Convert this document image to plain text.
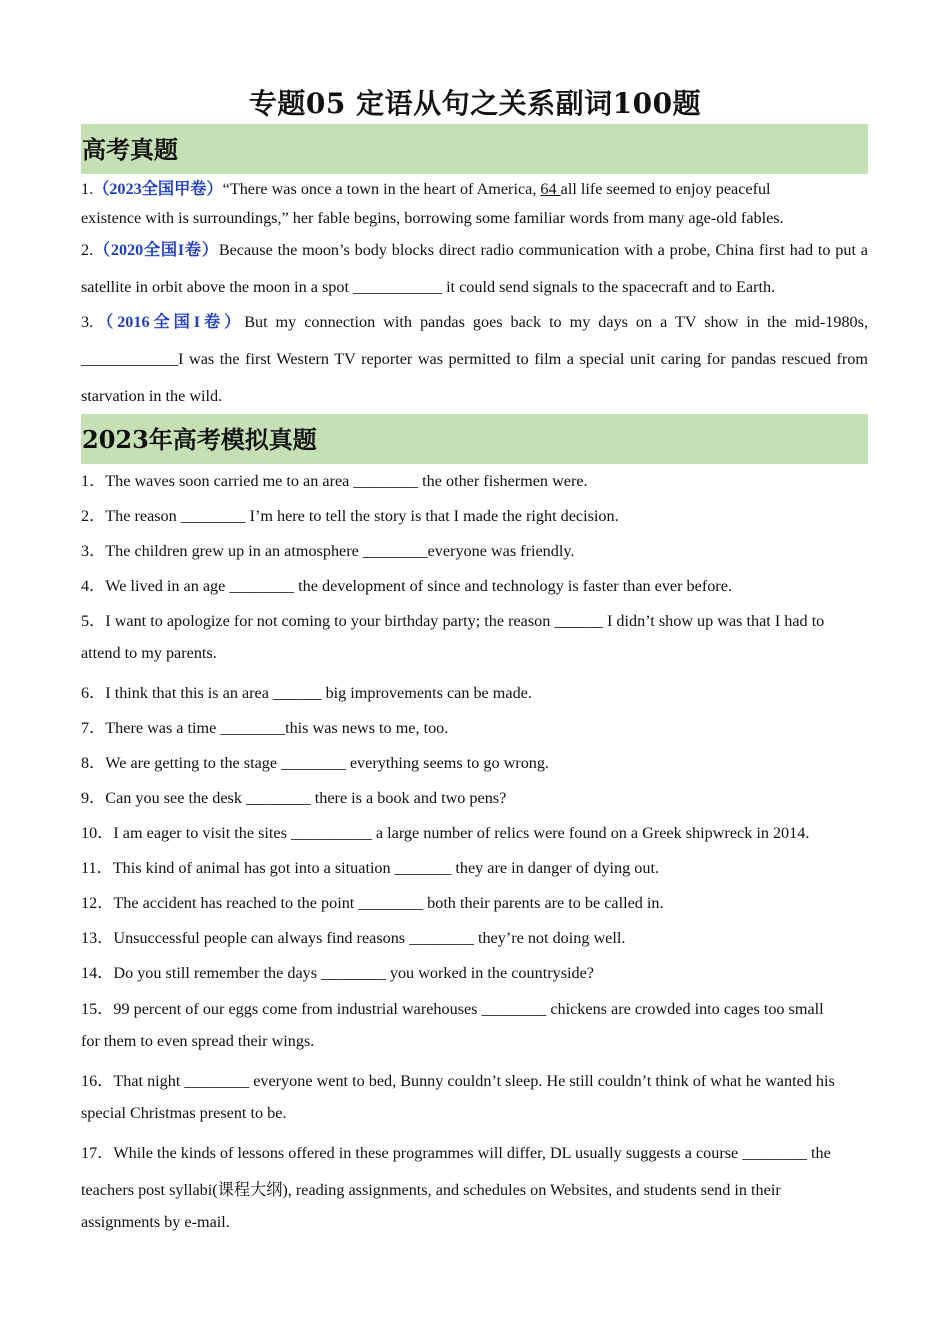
专题05 定语从句之关系副词100题
高考真题

1.（2023全国甲卷）“There was once a town in the heart of America, 64 all life seemed to enjoy peaceful

existence with is surroundings,” her fable begins, borrowing some familiar words from many age-old fables.

2.（2020全国I卷）Because the moon’s body blocks direct radio communication with a probe, China first had to put a satellite in orbit above the moon in a spot ___________ it could send signals to the spacecraft and to Earth.
3.（2016全国I卷）But my connection with pandas goes back to my days on a TV show in the mid-1980s, ____________I was the first Western TV reporter was permitted to film a special unit caring for pandas rescued from starvation in the wild.
2023年高考模拟真题
1．The waves soon carried me to an area ________ the other fishermen were.
2．The reason ________ I’m here to tell the story is that I made the right decision.
3．The children grew up in an atmosphere ________everyone was friendly.
4．We lived in an age ________ the development of since and technology is faster than ever before.
5．I want to apologize for not coming to your birthday party; the reason ______ I didn’t show up was that I had to
attend to my parents.
6．I think that this is an area ______ big improvements can be made.
7．There was a time ________this was news to me, too.
8．We are getting to the stage ________ everything seems to go wrong.
9．Can you see the desk ________ there is a book and two pens?
10．I am eager to visit the sites __________ a large number of relics were found on a Greek shipwreck in 2014.
11．This kind of animal has got into a situation _______ they are in danger of dying out.
12．The accident has reached to the point ________ both their parents are to be called in.
13．Unsuccessful people can always find reasons ________ they’re not doing well.
14．Do you still remember the days ________ you worked in the countryside?
15．99 percent of our eggs come from industrial warehouses ________ chickens are crowded into cages too small
for them to even spread their wings.
16．That night ________ everyone went to bed, Bunny couldn’t sleep. He still couldn’t think of what he wanted his
special Christmas present to be.
17．While the kinds of lessons offered in these programmes will differ, DL usually suggests a course ________ the
teachers post syllabi(课程大纲), reading assignments, and schedules on Websites, and students send in their
assignments by e-mail.
